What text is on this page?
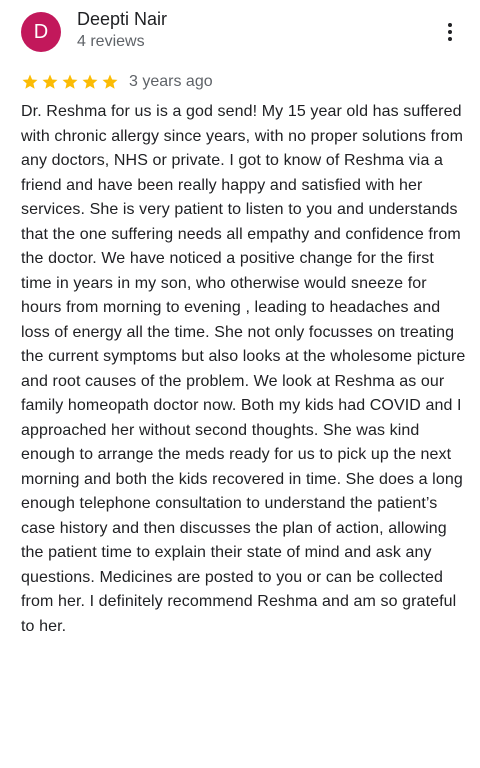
D
Deepti Nair
4 reviews
3 years ago
Dr. Reshma for us is a god send! My 15 year old has suffered with chronic allergy since years, with no proper solutions from any doctors, NHS or private. I got to know of Reshma via a friend and have been really happy and satisfied with her services. She is very patient to listen to you and understands that the one suffering needs all empathy and confidence from the doctor. We have noticed a positive change for the first time in years in my son, who otherwise would sneeze for hours from morning to evening , leading to headaches and loss of energy all the time. She not only focusses on treating the current symptoms but also looks at the wholesome picture and root causes of the problem. We look at Reshma as our family homeopath doctor now. Both my kids had COVID and I approached her without second thoughts. She was kind enough to arrange the meds ready for us to pick up the next morning and both the kids recovered in time. She does a long enough telephone consultation to understand the patient’s case history and then discusses the plan of action, allowing the patient time to explain their state of mind and ask any questions. Medicines are posted to you or can be collected from her. I definitely recommend Reshma and am so grateful to her.
